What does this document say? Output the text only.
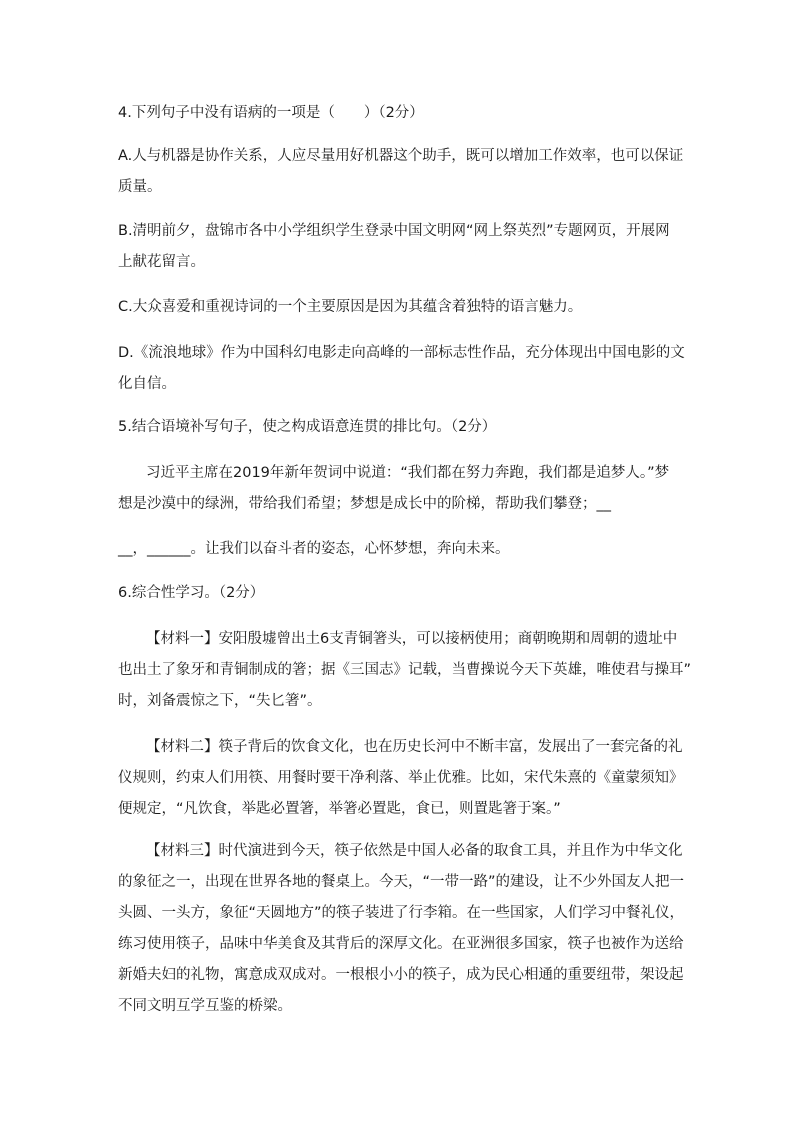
4.下列句子中没有语病的一项是（　　）（2分）

A.人与机器是协作关系，人应尽量用好机器这个助手，既可以增加工作效率，也可以保证
质量。

B.清明前夕，盘锦市各中小学组织学生登录中国文明网“网上祭英烈”专题网页，开展网
上献花留言。

C.大众喜爱和重视诗词的一个主要原因是因为其蕴含着独特的语言魅力。

D.《流浪地球》作为中国科幻电影走向高峰的一部标志性作品，充分体现出中国电影的文
化自信。

5.结合语境补写句子，使之构成语意连贯的排比句。（2分）

习近平主席在2019年新年贺词中说道：“我们都在努力奔跑，我们都是追梦人。”梦
想是沙漠中的绿洲，带给我们希望；梦想是成长中的阶梯，帮助我们攀登；__
__，______。让我们以奋斗者的姿态，心怀梦想，奔向未来。

6.综合性学习。（2分）

【材料一】安阳殷墟曾出土6支青铜箸头，可以接柄使用；商朝晚期和周朝的遗址中
也出土了象牙和青铜制成的箸；据《三国志》记载，当曹操说今天下英雄，唯使君与操耳”
时，刘备震惊之下，“失匕箸”。

【材料二】筷子背后的饮食文化，也在历史长河中不断丰富，发展出了一套完备的礼
仪规则，约束人们用筷、用餐时要干净利落、举止优雅。比如，宋代朱熹的《童蒙须知》
便规定，“凡饮食，举匙必置箸，举箸必置匙，食已，则置匙箸于案。”

【材料三】时代演进到今天，筷子依然是中国人必备的取食工具，并且作为中华文化
的象征之一，出现在世界各地的餐桌上。今天，“一带一路”的建设，让不少外国友人把一
头圆、一头方，象征“天圆地方”的筷子装进了行李箱。在一些国家，人们学习中餐礼仪，
练习使用筷子，品味中华美食及其背后的深厚文化。在亚洲很多国家，筷子也被作为送给
新婚夫妇的礼物，寓意成双成对。一根根小小的筷子，成为民心相通的重要纽带，架设起
不同文明互学互鉴的桥梁。
